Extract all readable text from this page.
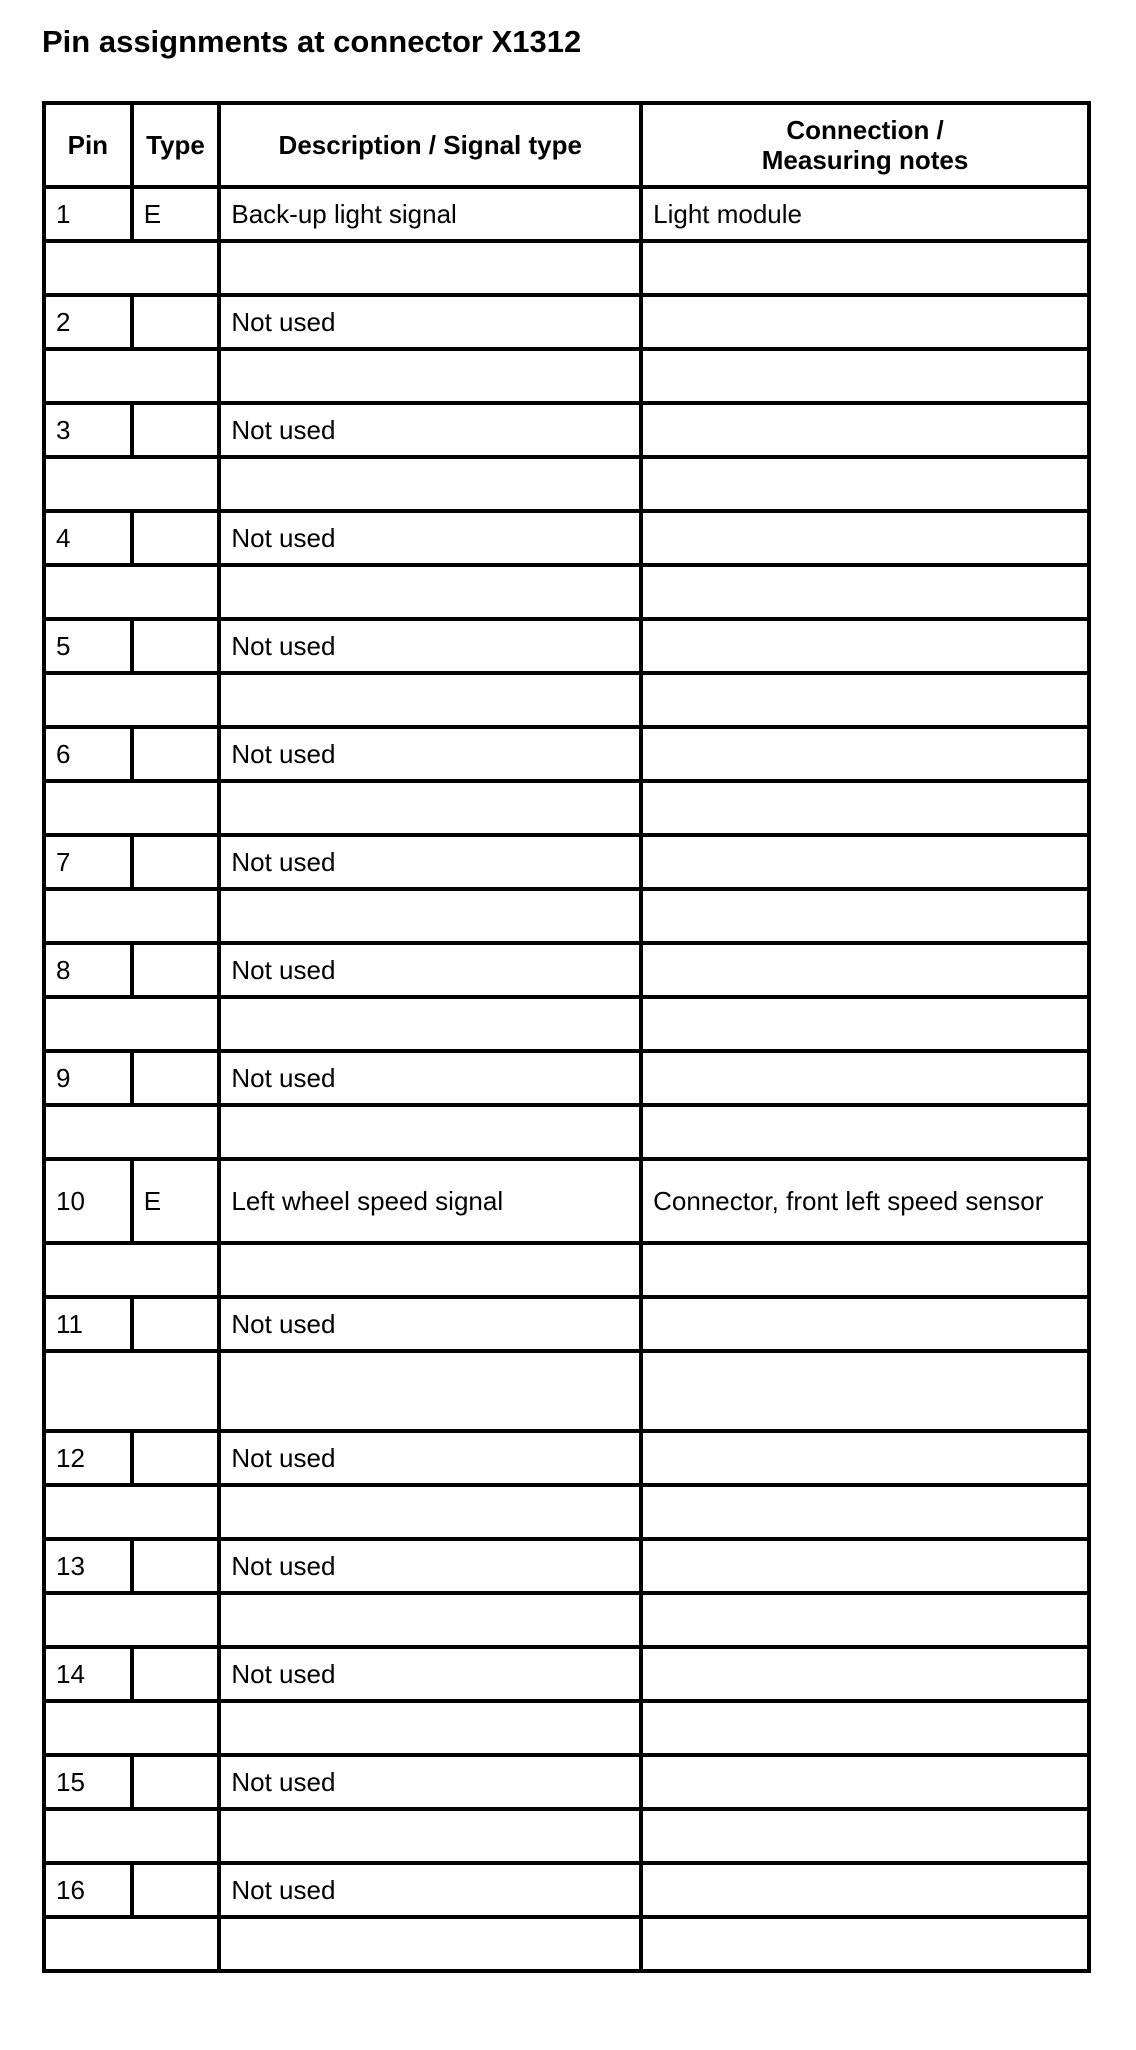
Pin assignments at connector X1312
Pin	Type	Description / Signal type	Connection /
Measuring notes
1	E	Back-up light signal	Light module

2		Not used	

3		Not used	

4		Not used	

5		Not used	

6		Not used	

7		Not used	

8		Not used	

9		Not used	

10	E	Left wheel speed signal	Connector, front left speed sensor

11		Not used	

12		Not used	

13		Not used	

14		Not used	

15		Not used	

16		Not used	
